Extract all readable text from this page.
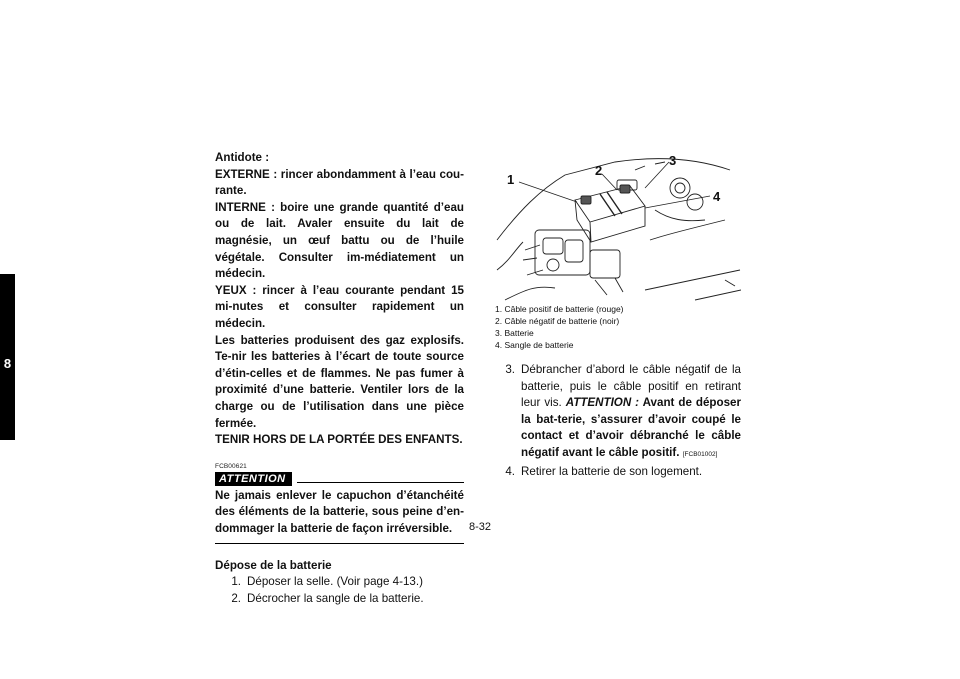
8

Antidote :

EXTERNE : rincer abondamment à l’eau cou-rante.

INTERNE : boire une grande quantité d’eau ou de lait. Avaler ensuite du lait de magnésie, un œuf battu ou de l’huile végétale. Consulter im-médiatement un médecin.

YEUX : rincer à l’eau courante pendant 15 mi-nutes et consulter rapidement un médecin.

Les batteries produisent des gaz explosifs. Te-nir les batteries à l’écart de toute source d’étin-celles et de flammes. Ne pas fumer à proximité d’une batterie. Ventiler lors de la charge ou de l’utilisation dans une pièce fermée.

TENIR HORS DE LA PORTÉE DES ENFANTS.

FCB00621
ATTENTION
Ne jamais enlever le capuchon d’étanchéité des éléments de la batterie, sous peine d’en-dommager la batterie de façon irréversible.
Dépose de la batterie
1. Déposer la selle. (Voir page 4-13.)
2. Décrocher la sangle de la batterie.
1
2
3
4
1. Câble positif de batterie (rouge)
2. Câble négatif de batterie (noir)
3. Batterie
4. Sangle de batterie
3. Débrancher d’abord le câble négatif de la batterie, puis le câble positif en retirant leur vis. ATTENTION : Avant de déposer la bat-terie, s’assurer d’avoir coupé le contact et d’avoir débranché le câble négatif avant le câble positif. [FCB01002]
4. Retirer la batterie de son logement.
8-32
